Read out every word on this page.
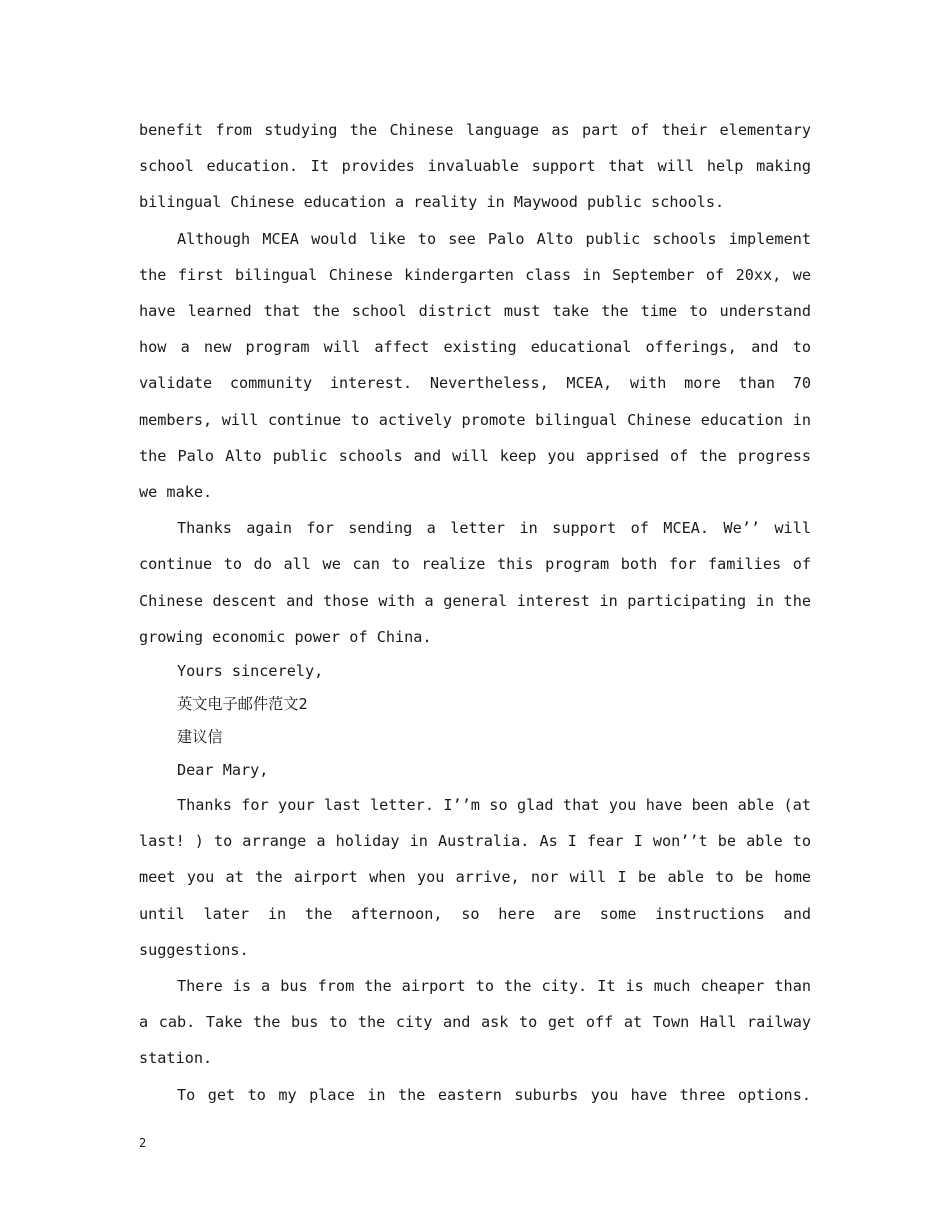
benefit from studying the Chinese language as part of their elementary school education. It provides invaluable support that will help making bilingual Chinese education a reality in Maywood public schools.

Although MCEA would like to see Palo Alto public schools implement the first bilingual Chinese kindergarten class in September of 20xx, we have learned that the school district must take the time to understand how a new program will affect existing educational offerings, and to validate community interest. Nevertheless, MCEA, with more than 70 members, will continue to actively promote bilingual Chinese education in the Palo Alto public schools and will keep you apprised of the progress we make.

Thanks again for sending a letter in support of MCEA. We’’ will continue to do all we can to realize this program both for families of Chinese descent and those with a general interest in participating in the growing economic power of China.

Yours sincerely,

英文电子邮件范文2

建议信

Dear Mary,

Thanks for your last letter. I’’m so glad that you have been able (at last! ) to arrange a holiday in Australia. As I fear I won’’t be able to meet you at the airport when you arrive, nor will I be able to be home until later in the afternoon, so here are some instructions and suggestions.

There is a bus from the airport to the city. It is much cheaper than a cab. Take the bus to the city and ask to get off at Town Hall railway station.

To get to my place in the eastern suburbs you have three options.

2
